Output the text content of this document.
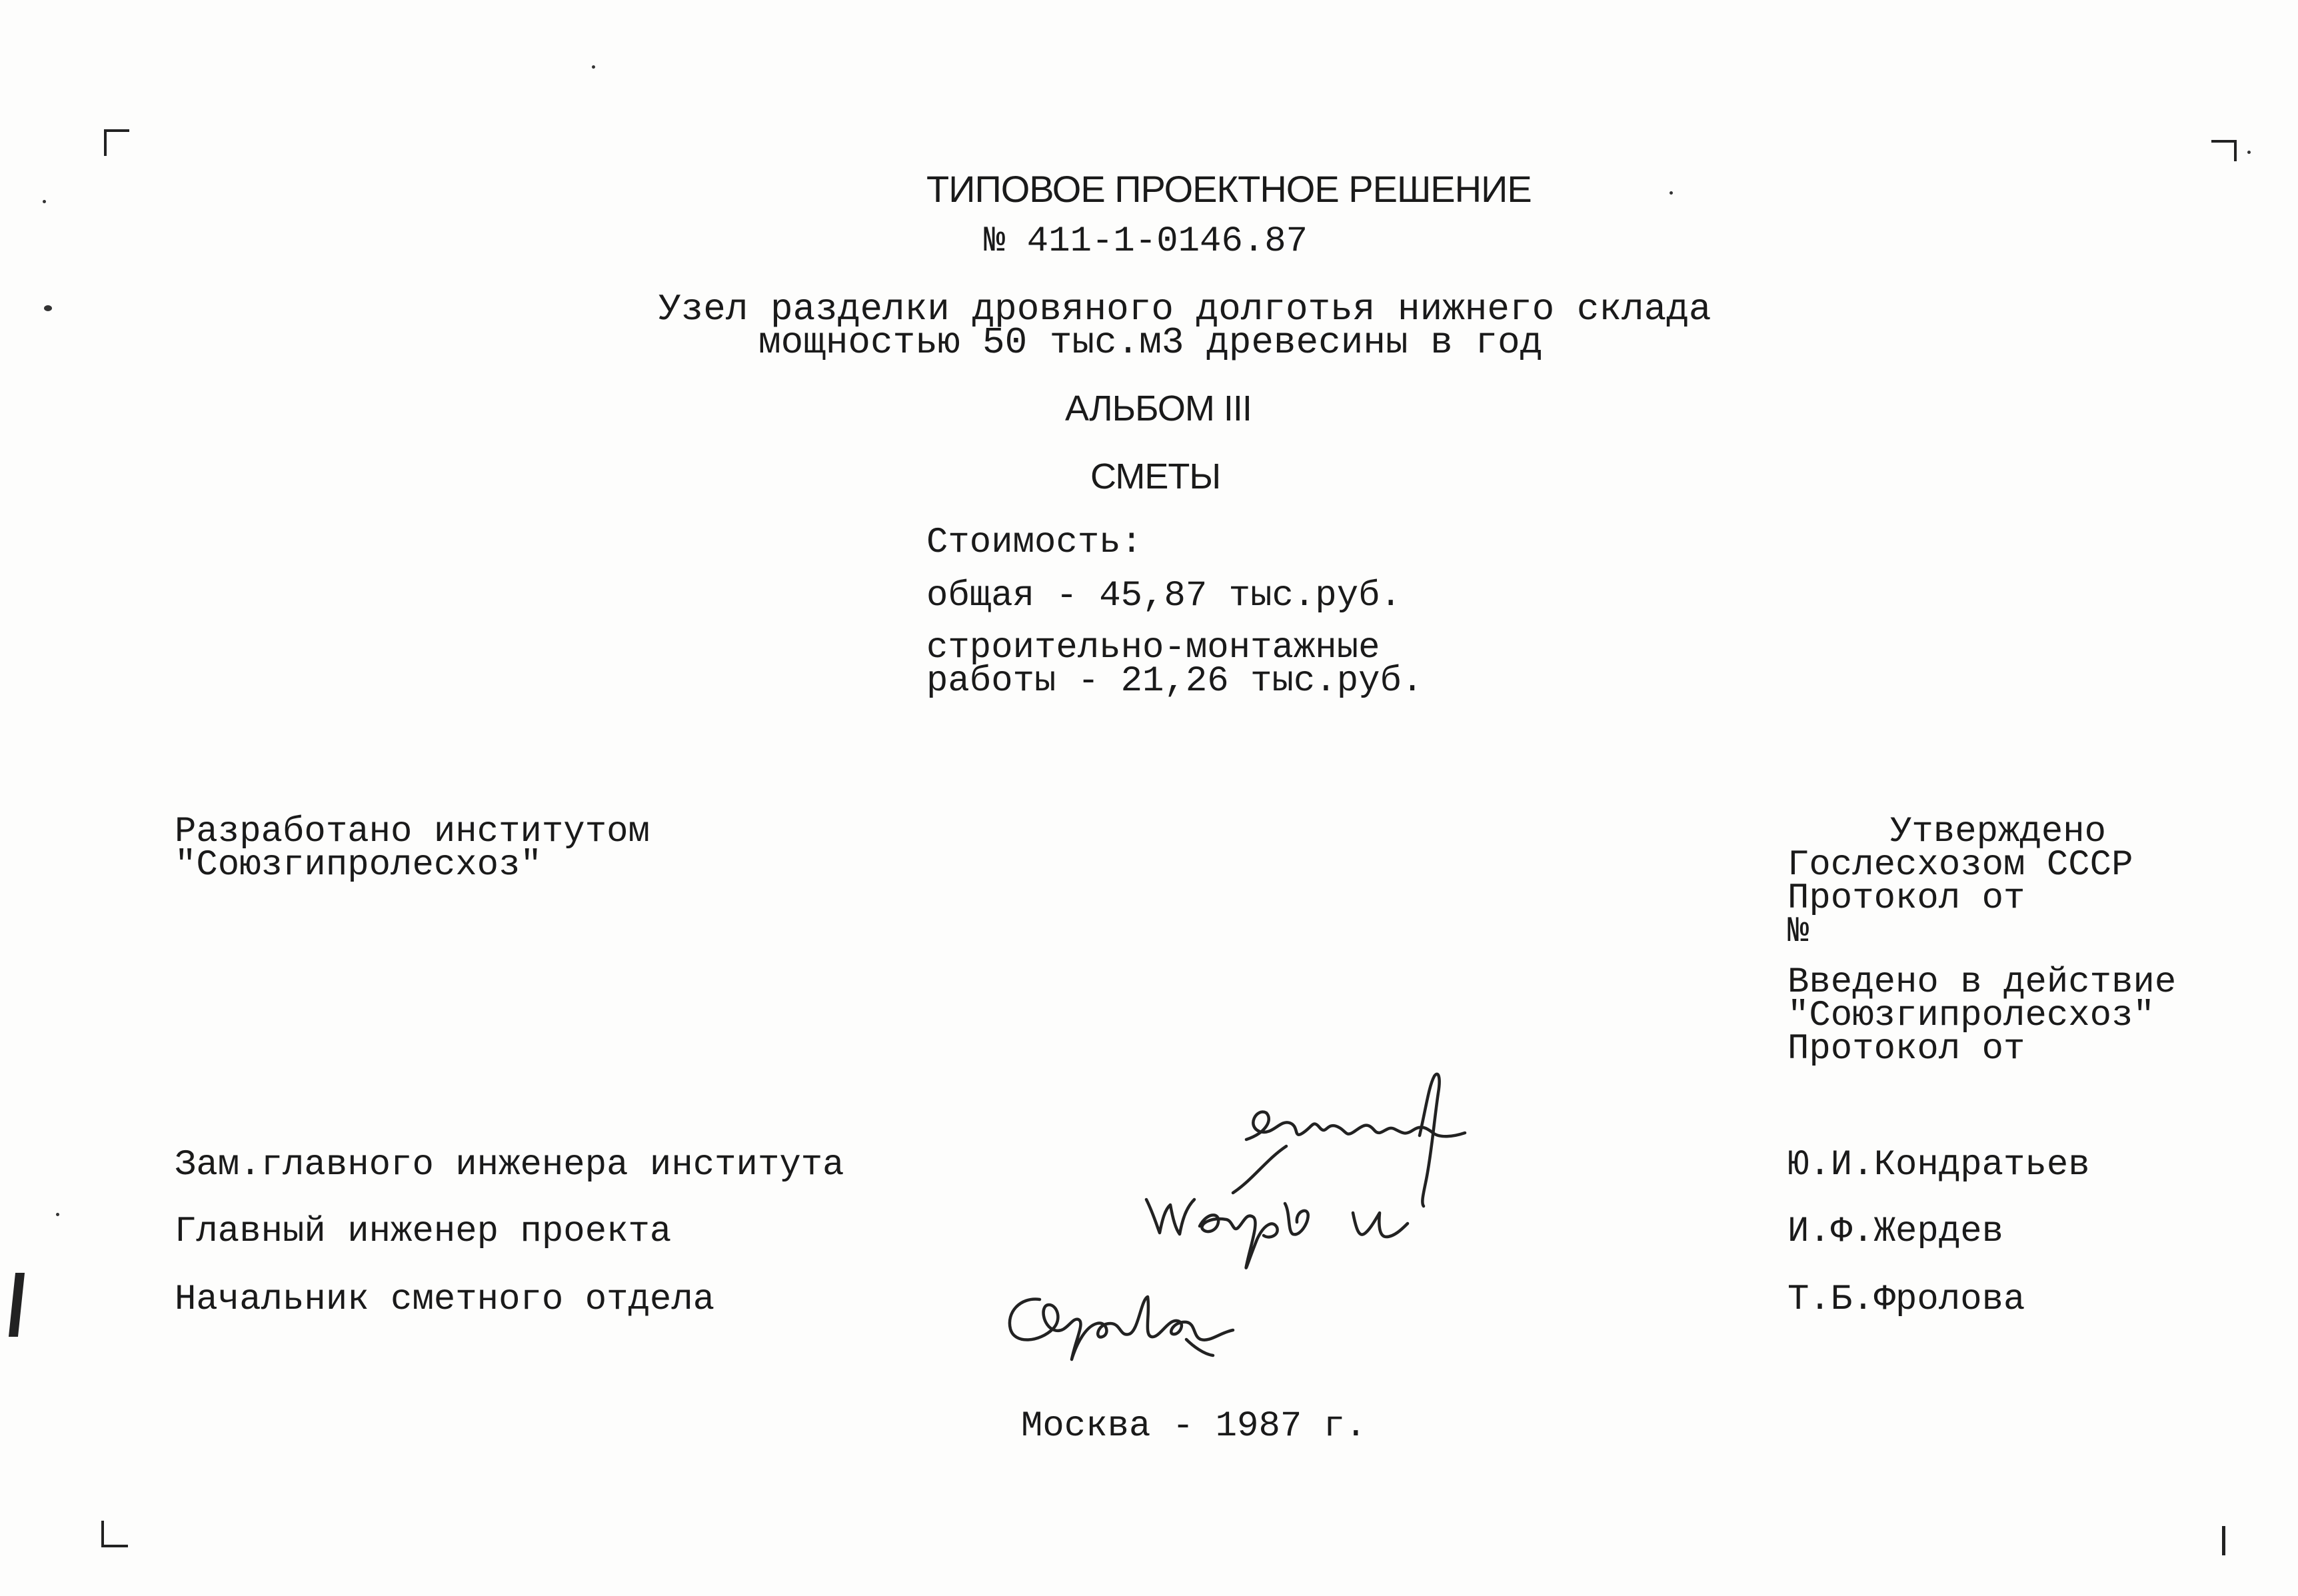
ТИПОВОЕ ПРОЕКТНОЕ РЕШЕНИЕ
№ 411-1-0146.87
Узел разделки дровяного долготья нижнего склада
мощностью 50 тыс.м3 древесины в год
АЛЬБОМ III
СМЕТЫ
Стоимость:
общая - 45,87 тыс.руб.
строительно-монтажные
работы - 21,26 тыс.руб.
Разработано институтом
"Союзгипролесхоз"
Утверждено
Гослесхозом СССР
Протокол от
№
Введено в действие
"Союзгипролесхоз"
Протокол от
Зам.главного инженера института
Главный инженер проекта
Начальник сметного отдела
Ю.И.Кондратьев
И.Ф.Жердев
Т.Б.Фролова
Москва - 1987 г.
